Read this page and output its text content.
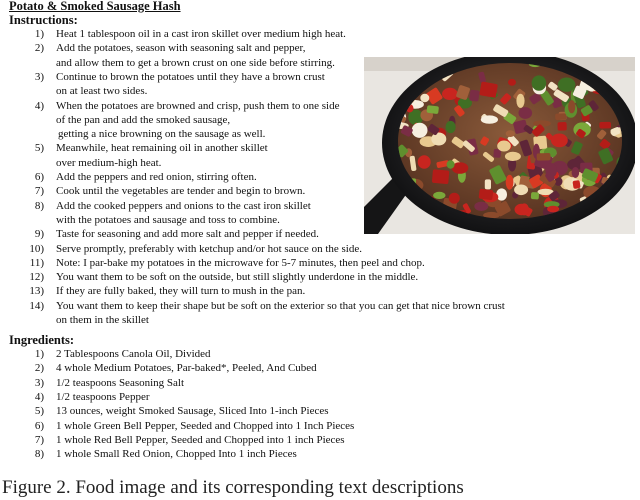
Potato & Smoked Sausage Hash
Instructions:
1) Heat 1 tablespoon oil in a cast iron skillet over medium high heat.
2) Add the potatoes, season with seasoning salt and pepper,
and allow them to get a brown crust on one side before stirring.
3) Continue to brown the potatoes until they have a brown crust
on at least two sides.
4) When the potatoes are browned and crisp, push them to one side
of the pan and add the smoked sausage,
getting a nice browning on the sausage as well.
5) Meanwhile, heat remaining oil in another skillet
over medium-high heat.
6) Add the peppers and red onion, stirring often.
7) Cook until the vegetables are tender and begin to brown.
8) Add the cooked peppers and onions to the cast iron skillet
with the potatoes and sausage and toss to combine.
9) Taste for seasoning and add more salt and pepper if needed.
10) Serve promptly, preferably with ketchup and/or hot sauce on the side.
11) Note: I par-bake my potatoes in the microwave for 5-7 minutes, then peel and chop.
12) You want them to be soft on the outside, but still slightly underdone in the middle.
13) If they are fully baked, they will turn to mush in the pan.
14) You want them to keep their shape but be soft on the exterior so that you can get that nice brown crust
on them in the skillet
Ingredients:
1) 2 Tablespoons Canola Oil, Divided
2) 4 whole Medium Potatoes, Par-baked*, Peeled, And Cubed
3) 1/2 teaspoons Seasoning Salt
4) 1/2 teaspoons Pepper
5) 13 ounces, weight Smoked Sausage, Sliced Into 1-inch Pieces
6) 1 whole Green Bell Pepper, Seeded and Chopped into 1 Inch Pieces
7) 1 whole Red Bell Pepper, Seeded and Chopped into 1 inch Pieces
8) 1 whole Small Red Onion, Chopped Into 1 inch Pieces
Figure 2. Food image and its corresponding text descriptions
